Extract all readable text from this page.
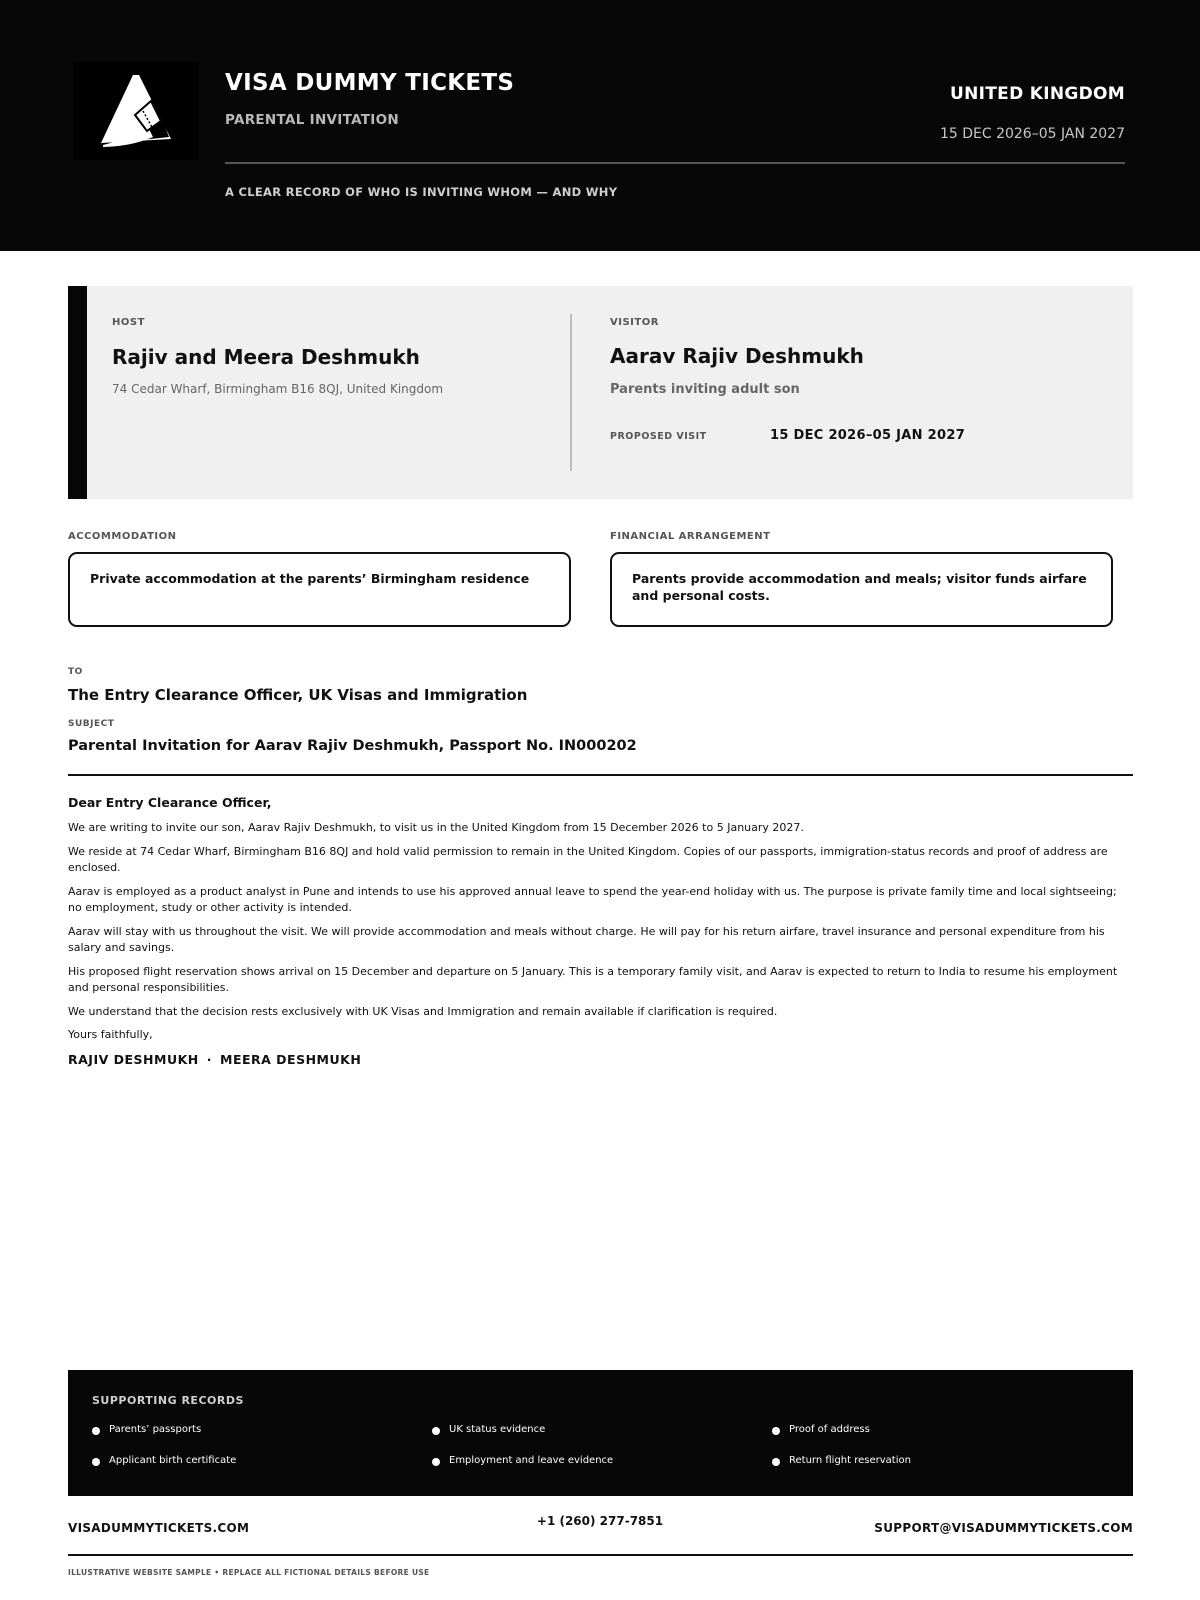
VISA DUMMY TICKETS
PARENTAL INVITATION
UNITED KINGDOM
15 DEC 2026–05 JAN 2027
A CLEAR RECORD OF WHO IS INVITING WHOM — AND WHY
HOST
Rajiv and Meera Deshmukh
74 Cedar Wharf, Birmingham B16 8QJ, United Kingdom
VISITOR
Aarav Rajiv Deshmukh
Parents inviting adult son
PROPOSED VISIT	15 DEC 2026–05 JAN 2027
ACCOMMODATION
Private accommodation at the parents’ Birmingham residence
FINANCIAL ARRANGEMENT
Parents provide accommodation and meals; visitor funds airfare and personal costs.
TO
The Entry Clearance Officer, UK Visas and Immigration
SUBJECT
Parental Invitation for Aarav Rajiv Deshmukh, Passport No. IN000202
Dear Entry Clearance Officer,

We are writing to invite our son, Aarav Rajiv Deshmukh, to visit us in the United Kingdom from 15 December 2026 to 5 January 2027.

We reside at 74 Cedar Wharf, Birmingham B16 8QJ and hold valid permission to remain in the United Kingdom. Copies of our passports, immigration-status records and proof of address are enclosed.

Aarav is employed as a product analyst in Pune and intends to use his approved annual leave to spend the year-end holiday with us. The purpose is private family time and local sightseeing; no employment, study or other activity is intended.

Aarav will stay with us throughout the visit. We will provide accommodation and meals without charge. He will pay for his return airfare, travel insurance and personal expenditure from his salary and savings.

His proposed flight reservation shows arrival on 15 December and departure on 5 January. This is a temporary family visit, and Aarav is expected to return to India to resume his employment and personal responsibilities.

We understand that the decision rests exclusively with UK Visas and Immigration and remain available if clarification is required.

Yours faithfully,
RAJIV DESHMUKH · MEERA DESHMUKH
SUPPORTING RECORDS
Parents’ passports	UK status evidence	Proof of address
Applicant birth certificate	Employment and leave evidence	Return flight reservation
VISADUMMYTICKETS.COM	+1 (260) 277-7851	SUPPORT@VISADUMMYTICKETS.COM
ILLUSTRATIVE WEBSITE SAMPLE • REPLACE ALL FICTIONAL DETAILS BEFORE USE
